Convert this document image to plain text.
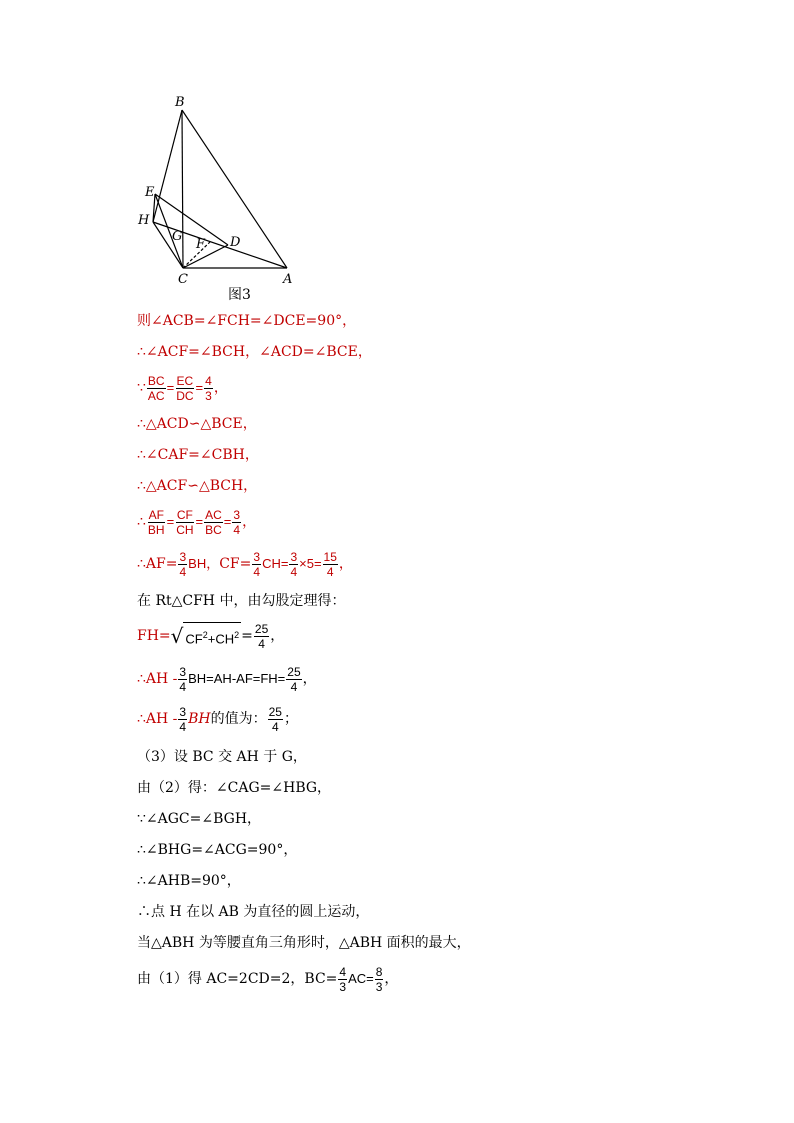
B
E
H
G
F D
C	A
图3
则∠ACB=∠FCH=∠DCE=90°，
∴∠ACF=∠BCH，∠ACD=∠BCE，
∵ $\frac{BC}{AC} = \frac{EC}{DC} = \frac{4}{3}$ ，
∴△ACD∽△BCE，
∴∠CAF=∠CBH，
∴△ACF∽△BCH，
∴ $\frac{AF}{BH} = \frac{CF}{CH} = \frac{AC}{BC} = \frac{3}{4}$ ，
∴AF= $\frac{3}{4}$ BH， $CF= \frac{3}{4} CH= \frac{3}{4} \times 5= \frac{15}{4}$ ，
在 Rt△CFH 中，由勾股定理得：
FH= √ $CF^2+CH^2 = \frac{25}{4}$ ，
∴AH - $\frac{3}{4} BH=AH-AF=FH= \frac{25}{4}$ ，
∴AH - $\frac{3}{4}$ BH 的值为： $\frac{25}{4}$ ；
（3）设 BC 交 AH 于 G，
由（2）得：∠CAG=∠HBG，
∵∠AGC=∠BGH，
∴∠BHG=∠ACG=90°，
∴∠AHB=90°，
∴点 H 在以 AB 为直径的圆上运动，
当△ABH 为等腰直角三角形时，△ABH 面积的最大，
由（1）得 AC=2CD=2，$BC= \frac{4}{3} AC= \frac{8}{3}$ ，
